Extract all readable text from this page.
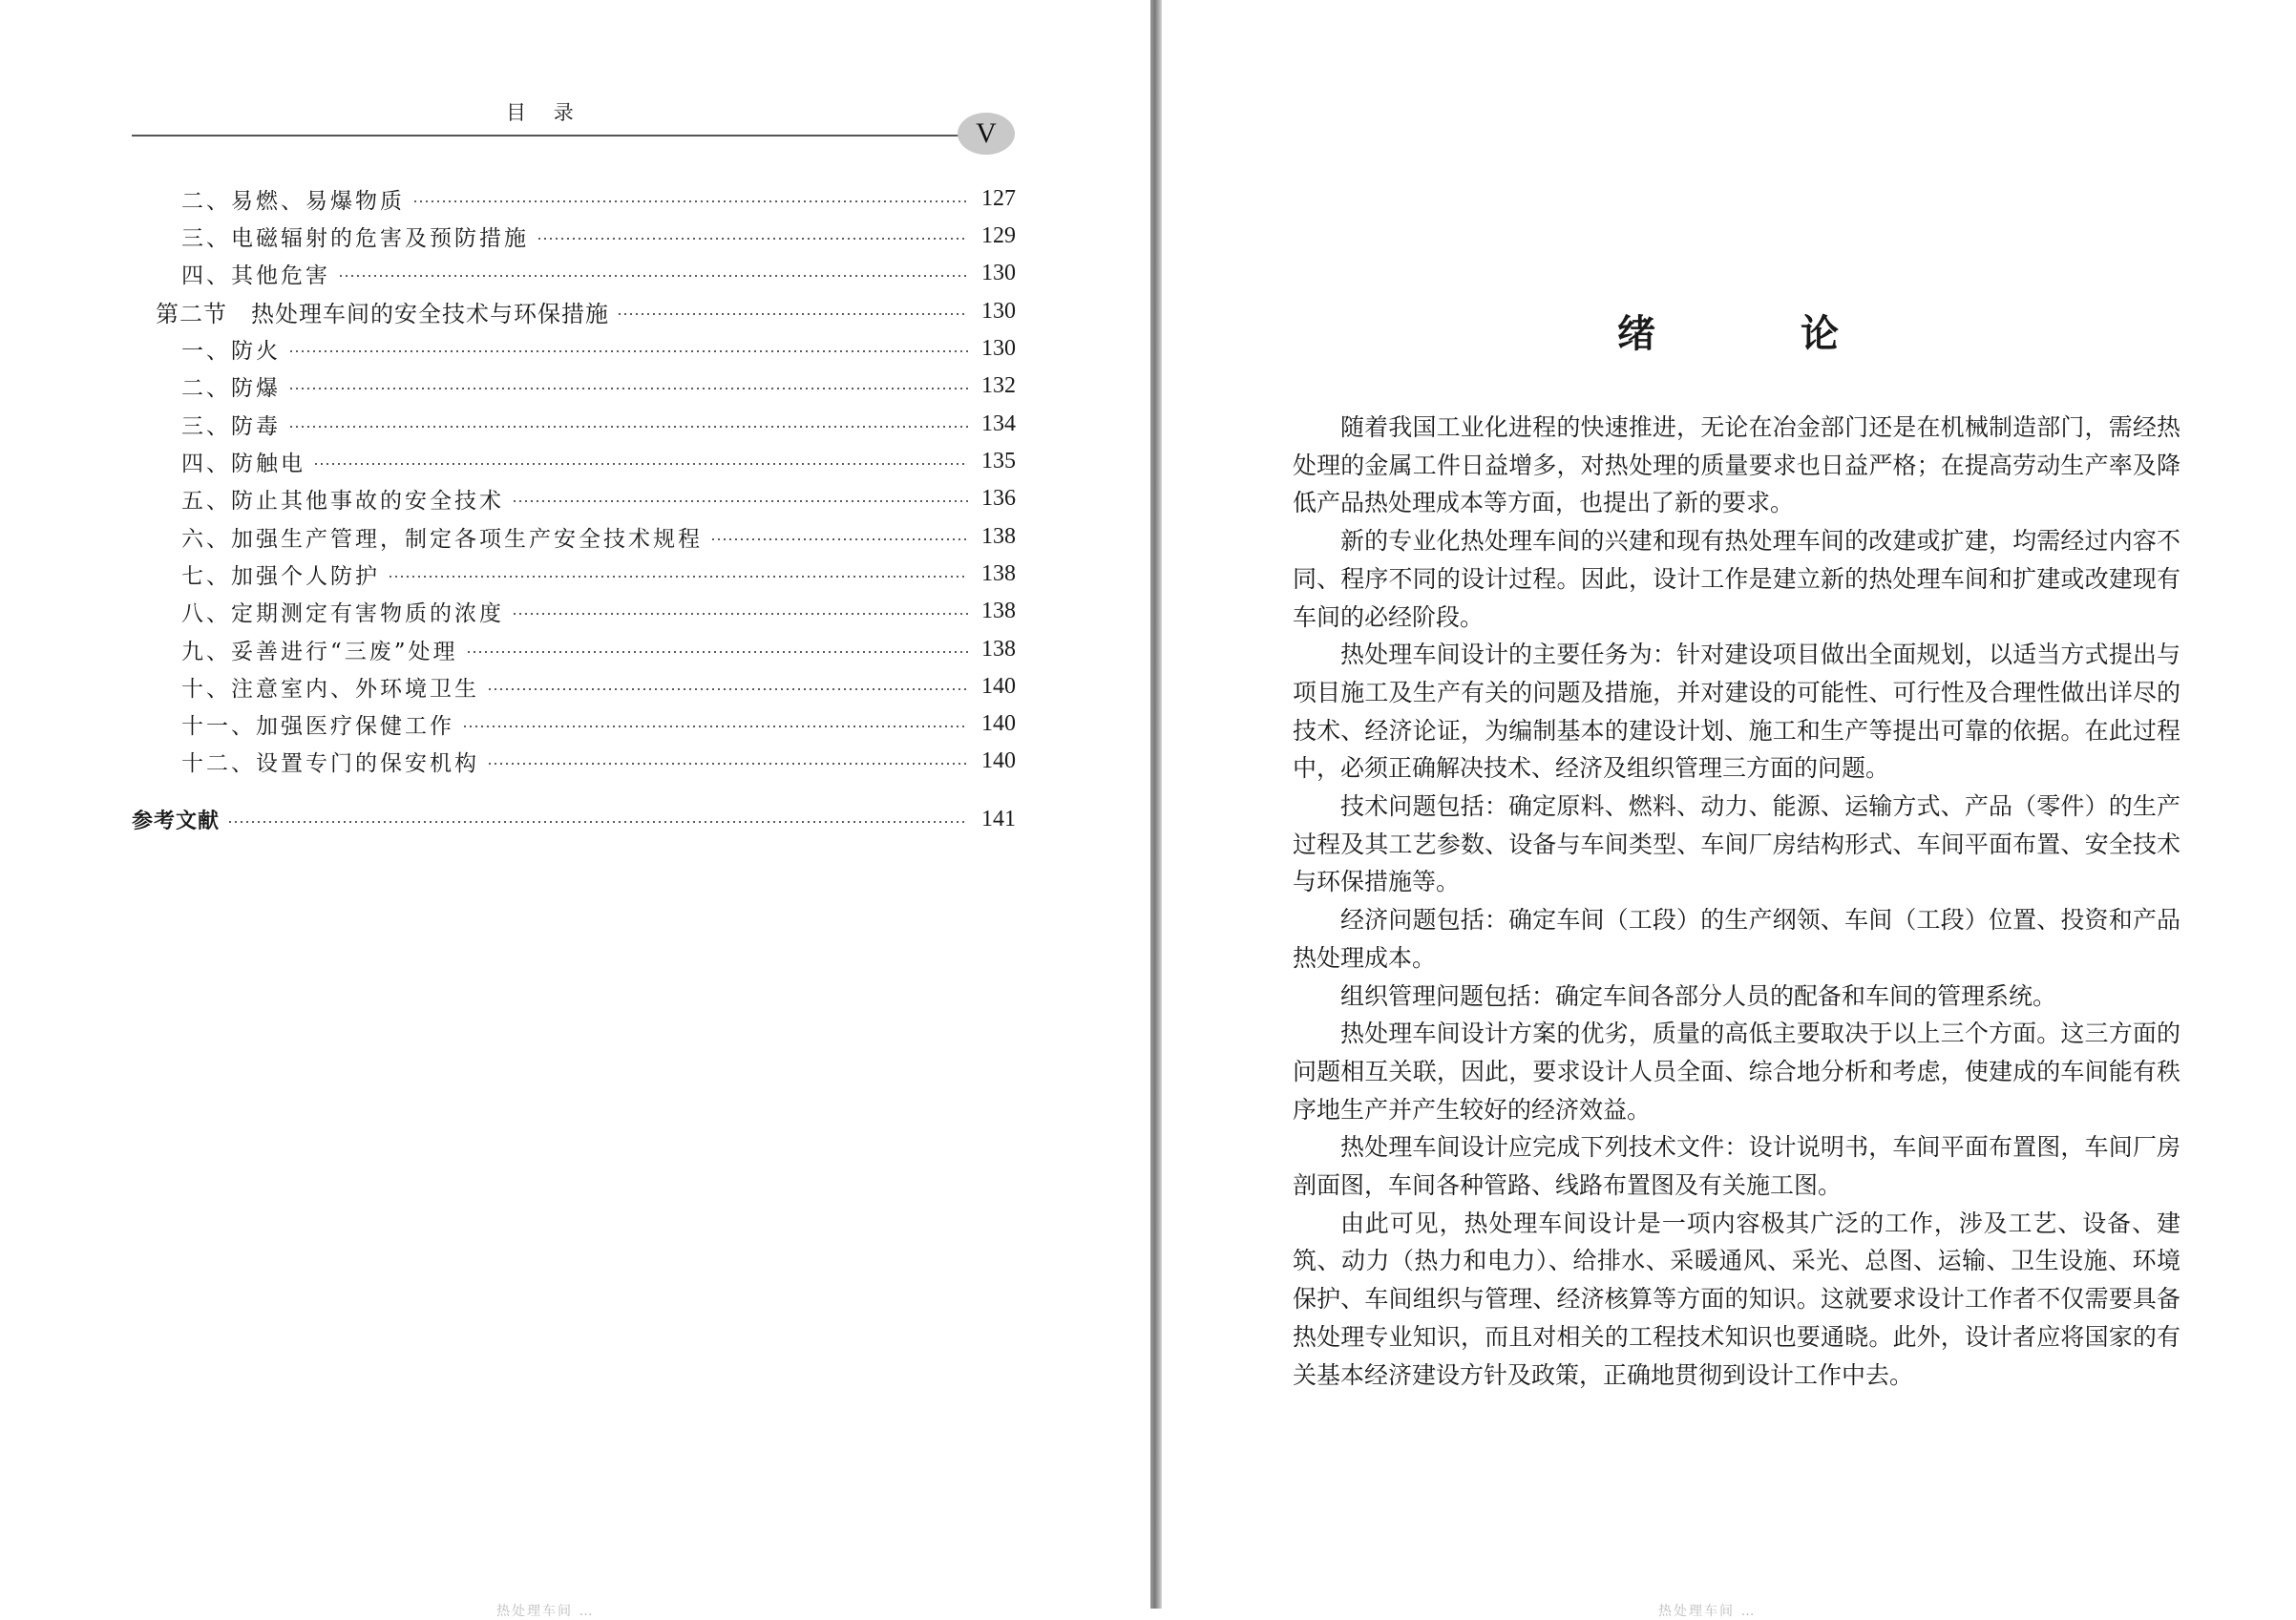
目 录
V
二、易燃、易爆物质	127
三、电磁辐射的危害及预防措施	129
四、其他危害	130
第二节　热处理车间的安全技术与环保措施	130
一、防火	130
二、防爆	132
三、防毒	134
四、防触电	135
五、防止其他事故的安全技术	136
六、加强生产管理，制定各项生产安全技术规程	138
七、加强个人防护	138
八、定期测定有害物质的浓度	138
九、妥善进行“三废”处理	138
十、注意室内、外环境卫生	140
十一、加强医疗保健工作	140
十二、设置专门的保安机构	140
参考文献	141
热处理车间 …
绪	论

随着我国工业化进程的快速推进，无论在冶金部门还是在机械制造部门，需经热处理的金属工件日益增多，对热处理的质量要求也日益严格；在提高劳动生产率及降低产品热处理成本等方面，也提出了新的要求。

新的专业化热处理车间的兴建和现有热处理车间的改建或扩建，均需经过内容不同、程序不同的设计过程。因此，设计工作是建立新的热处理车间和扩建或改建现有车间的必经阶段。

热处理车间设计的主要任务为：针对建设项目做出全面规划，以适当方式提出与项目施工及生产有关的问题及措施，并对建设的可能性、可行性及合理性做出详尽的技术、经济论证，为编制基本的建设计划、施工和生产等提出可靠的依据。在此过程中，必须正确解决技术、经济及组织管理三方面的问题。

技术问题包括：确定原料、燃料、动力、能源、运输方式、产品（零件）的生产过程及其工艺参数、设备与车间类型、车间厂房结构形式、车间平面布置、安全技术与环保措施等。

经济问题包括：确定车间（工段）的生产纲领、车间（工段）位置、投资和产品热处理成本。

组织管理问题包括：确定车间各部分人员的配备和车间的管理系统。

热处理车间设计方案的优劣，质量的高低主要取决于以上三个方面。这三方面的问题相互关联，因此，要求设计人员全面、综合地分析和考虑，使建成的车间能有秩序地生产并产生较好的经济效益。

热处理车间设计应完成下列技术文件：设计说明书，车间平面布置图，车间厂房剖面图，车间各种管路、线路布置图及有关施工图。

由此可见，热处理车间设计是一项内容极其广泛的工作，涉及工艺、设备、建筑、动力（热力和电力）、给排水、采暖通风、采光、总图、运输、卫生设施、环境保护、车间组织与管理、经济核算等方面的知识。这就要求设计工作者不仅需要具备热处理专业知识，而且对相关的工程技术知识也要通晓。此外，设计者应将国家的有关基本经济建设方针及政策，正确地贯彻到设计工作中去。

热处理车间 …
